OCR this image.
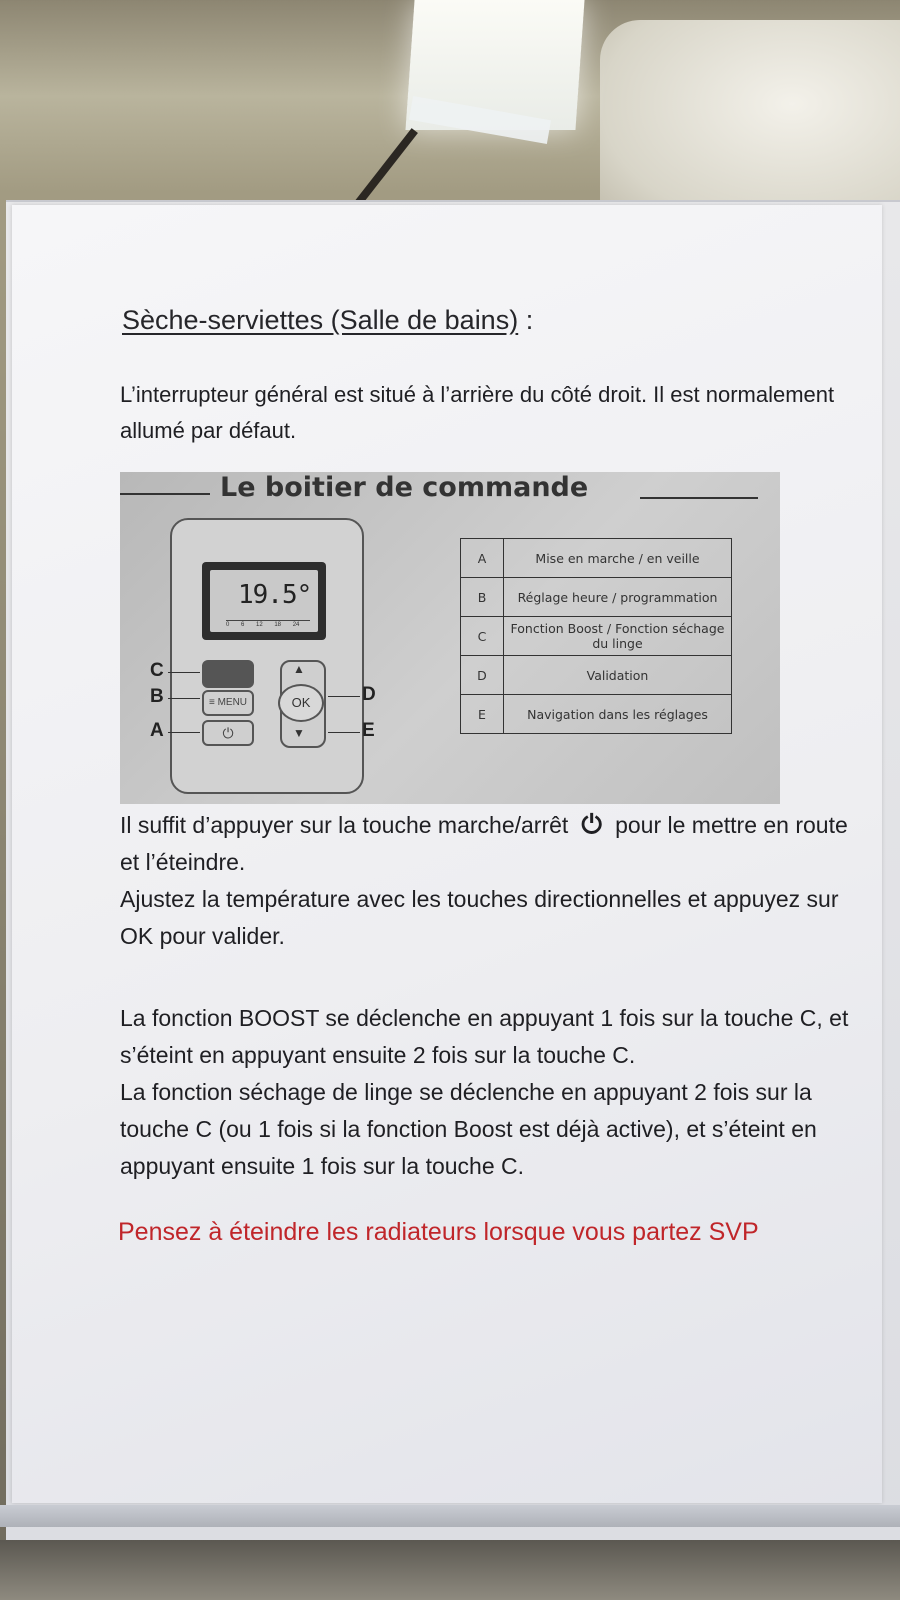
Sèche-serviettes (Salle de bains) :

L’interrupteur général est situé à l’arrière du côté droit. Il est normalement allumé par défaut.

Le boitier de commande
19.5°
0 6 12 18 24
≡ MENU
⏻
▲
▼
OK
C
B
A
D
E
A	Mise en marche / en veille
B	Réglage heure / programmation
C	Fonction Boost / Fonction séchage du linge
D	Validation
E	Navigation dans les réglages

Il suffit d’appuyer sur la touche marche/arrêt ⏻ pour le mettre en route et l’éteindre.
Ajustez la température avec les touches directionnelles et appuyez sur OK pour valider.

La fonction BOOST se déclenche en appuyant 1 fois sur la touche C, et s’éteint en appuyant ensuite 2 fois sur la touche C.
La fonction séchage de linge se déclenche en appuyant 2 fois sur la touche C (ou 1 fois si la fonction Boost est déjà active), et s’éteint en appuyant ensuite 1 fois sur la touche C.

Pensez à éteindre les radiateurs lorsque vous partez SVP
